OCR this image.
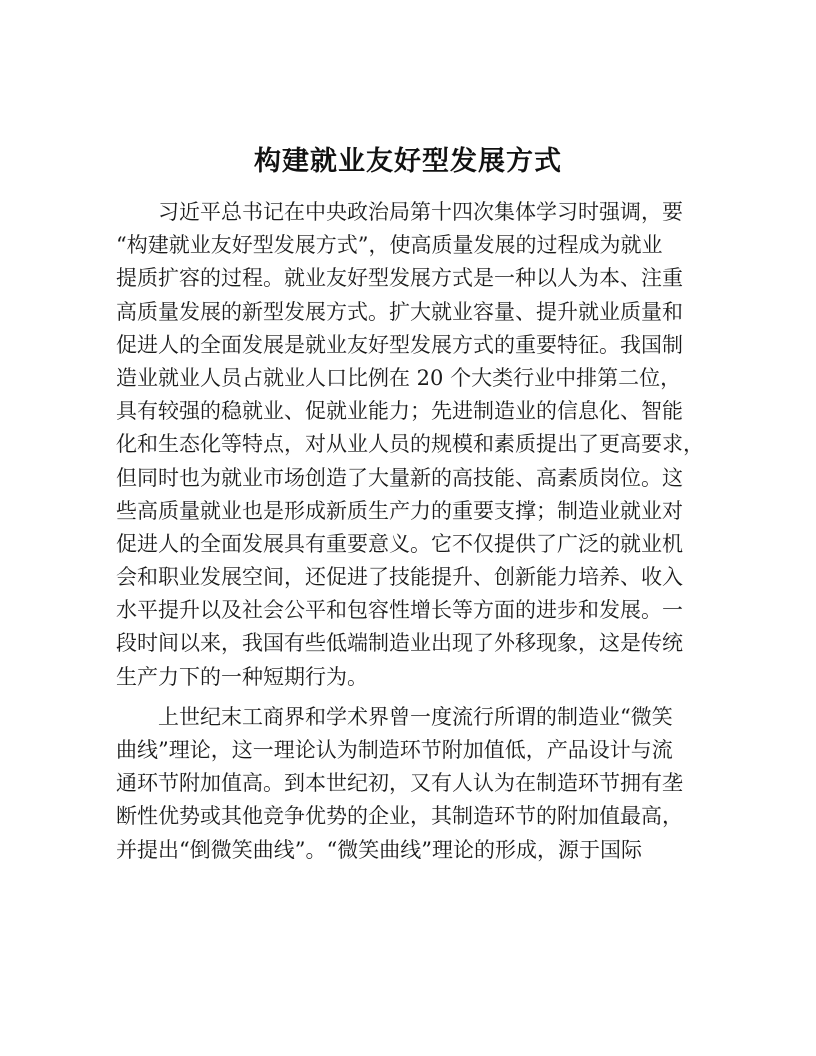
构建就业友好型发展方式
习近平总书记在中央政治局第十四次集体学习时强调，要
“构建就业友好型发展方式”，使高质量发展的过程成为就业
提质扩容的过程。就业友好型发展方式是一种以人为本、注重
高质量发展的新型发展方式。扩大就业容量、提升就业质量和
促进人的全面发展是就业友好型发展方式的重要特征。我国制
造业就业人员占就业人口比例在 20 个大类行业中排第二位，
具有较强的稳就业、促就业能力；先进制造业的信息化、智能
化和生态化等特点，对从业人员的规模和素质提出了更高要求，
但同时也为就业市场创造了大量新的高技能、高素质岗位。这
些高质量就业也是形成新质生产力的重要支撑；制造业就业对
促进人的全面发展具有重要意义。它不仅提供了广泛的就业机
会和职业发展空间，还促进了技能提升、创新能力培养、收入
水平提升以及社会公平和包容性增长等方面的进步和发展。一
段时间以来，我国有些低端制造业出现了外移现象，这是传统
生产力下的一种短期行为。
上世纪末工商界和学术界曾一度流行所谓的制造业“微笑
曲线”理论，这一理论认为制造环节附加值低，产品设计与流
通环节附加值高。到本世纪初，又有人认为在制造环节拥有垄
断性优势或其他竞争优势的企业，其制造环节的附加值最高，
并提出“倒微笑曲线”。“微笑曲线”理论的形成，源于国际
